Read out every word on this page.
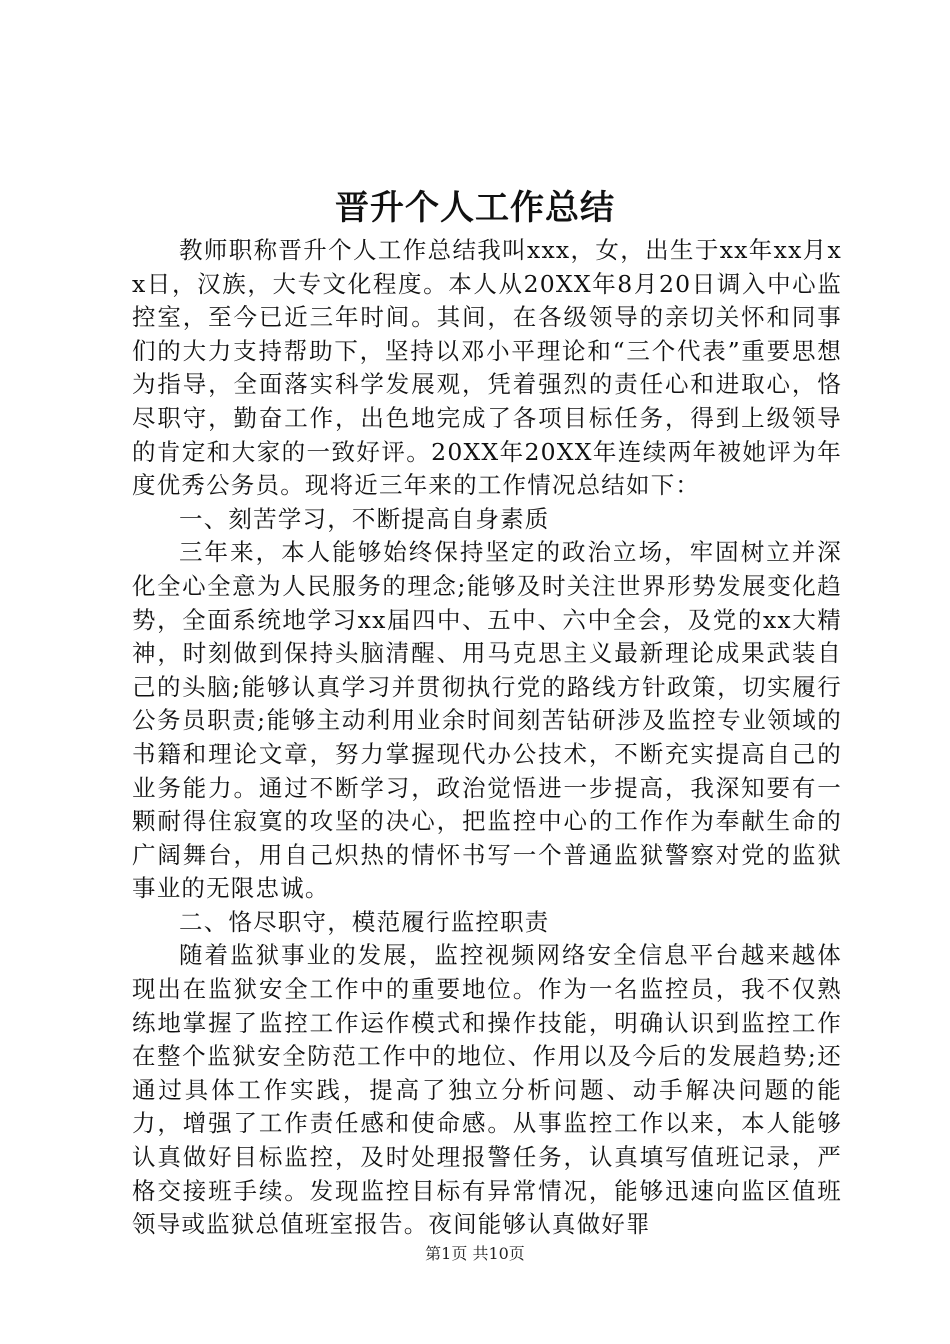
晋升个人工作总结

教师职称晋升个人工作总结我叫xxx，女，出生于xx年xx月xx日，汉族，大专文化程度。本人从20XX年8月20日调入中心监控室，至今已近三年时间。其间，在各级领导的亲切关怀和同事们的大力支持帮助下，坚持以邓小平理论和“三个代表”重要思想为指导，全面落实科学发展观，凭着强烈的责任心和进取心，恪尽职守，勤奋工作，出色地完成了各项目标任务，得到上级领导的肯定和大家的一致好评。20XX年20XX年连续两年被她评为年度优秀公务员。现将近三年来的工作情况总结如下：

一、刻苦学习，不断提高自身素质

三年来，本人能够始终保持坚定的政治立场，牢固树立并深化全心全意为人民服务的理念;能够及时关注世界形势发展变化趋势，全面系统地学习xx届四中、五中、六中全会，及党的xx大精神，时刻做到保持头脑清醒、用马克思主义最新理论成果武装自己的头脑;能够认真学习并贯彻执行党的路线方针政策，切实履行公务员职责;能够主动利用业余时间刻苦钻研涉及监控专业领域的书籍和理论文章，努力掌握现代办公技术，不断充实提高自己的业务能力。通过不断学习，政治觉悟进一步提高，我深知要有一颗耐得住寂寞的攻坚的决心，把监控中心的工作作为奉献生命的广阔舞台，用自己炽热的情怀书写一个普通监狱警察对党的监狱事业的无限忠诚。

二、恪尽职守，模范履行监控职责

随着监狱事业的发展，监控视频网络安全信息平台越来越体现出在监狱安全工作中的重要地位。作为一名监控员，我不仅熟练地掌握了监控工作运作模式和操作技能，明确认识到监控工作在整个监狱安全防范工作中的地位、作用以及今后的发展趋势;还通过具体工作实践，提高了独立分析问题、动手解决问题的能力，增强了工作责任感和使命感。从事监控工作以来，本人能够认真做好目标监控，及时处理报警任务，认真填写值班记录，严格交接班手续。发现监控目标有异常情况，能够迅速向监区值班领导或监狱总值班室报告。夜间能够认真做好罪

第1页 共10页
